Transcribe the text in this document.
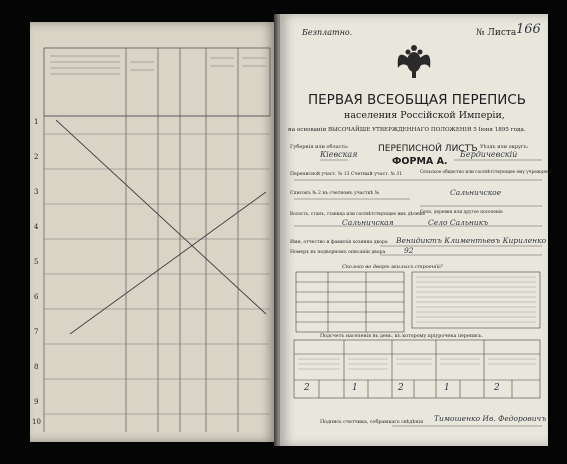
1
2
3
4
5
6
7
8
9
10
Безплатно.	№ Листа 166
ПЕРВАЯ ВСЕОБЩАЯ ПЕРЕПИСЬ
населения Россійской Имперіи,
на основаніи ВЫСОЧАЙШЕ УТВЕРЖДЕННАГО ПОЛОЖЕНІЯ 5 Іюня 1895 года.
Губернія или область:
Кіевская
ПЕРЕПИСНОЙ ЛИСТЪ
ФОРМА А.
Уѣздъ или округъ:
Бердичевскій
Переписной участ. № 13 Счетный участ. № 31	Сельское общество или соотвѣтствующее ему учрежденіе
Сальничское
Списокъ № 2 въ счетномъ участкѣ №
Волость, станъ, станица или соотвѣтствующее имъ дѣленіе
Сальничская
Село, деревня или другое поселеніе
Село Сальникъ
Имя, отчество и фамилія хозяина двора Венидиктъ Климентьевъ Кириленко
Номеръ въ подворномъ описаніи двора	92
Сколько во дворѣ жилыхъ строеній?
Подсчетъ населенія въ день, къ которому пріурочена перепись.
2	1	2	1	2
Подпись счетчика, собравшаго свѣдѣнія Тимошенко Ив. Федоровичъ
